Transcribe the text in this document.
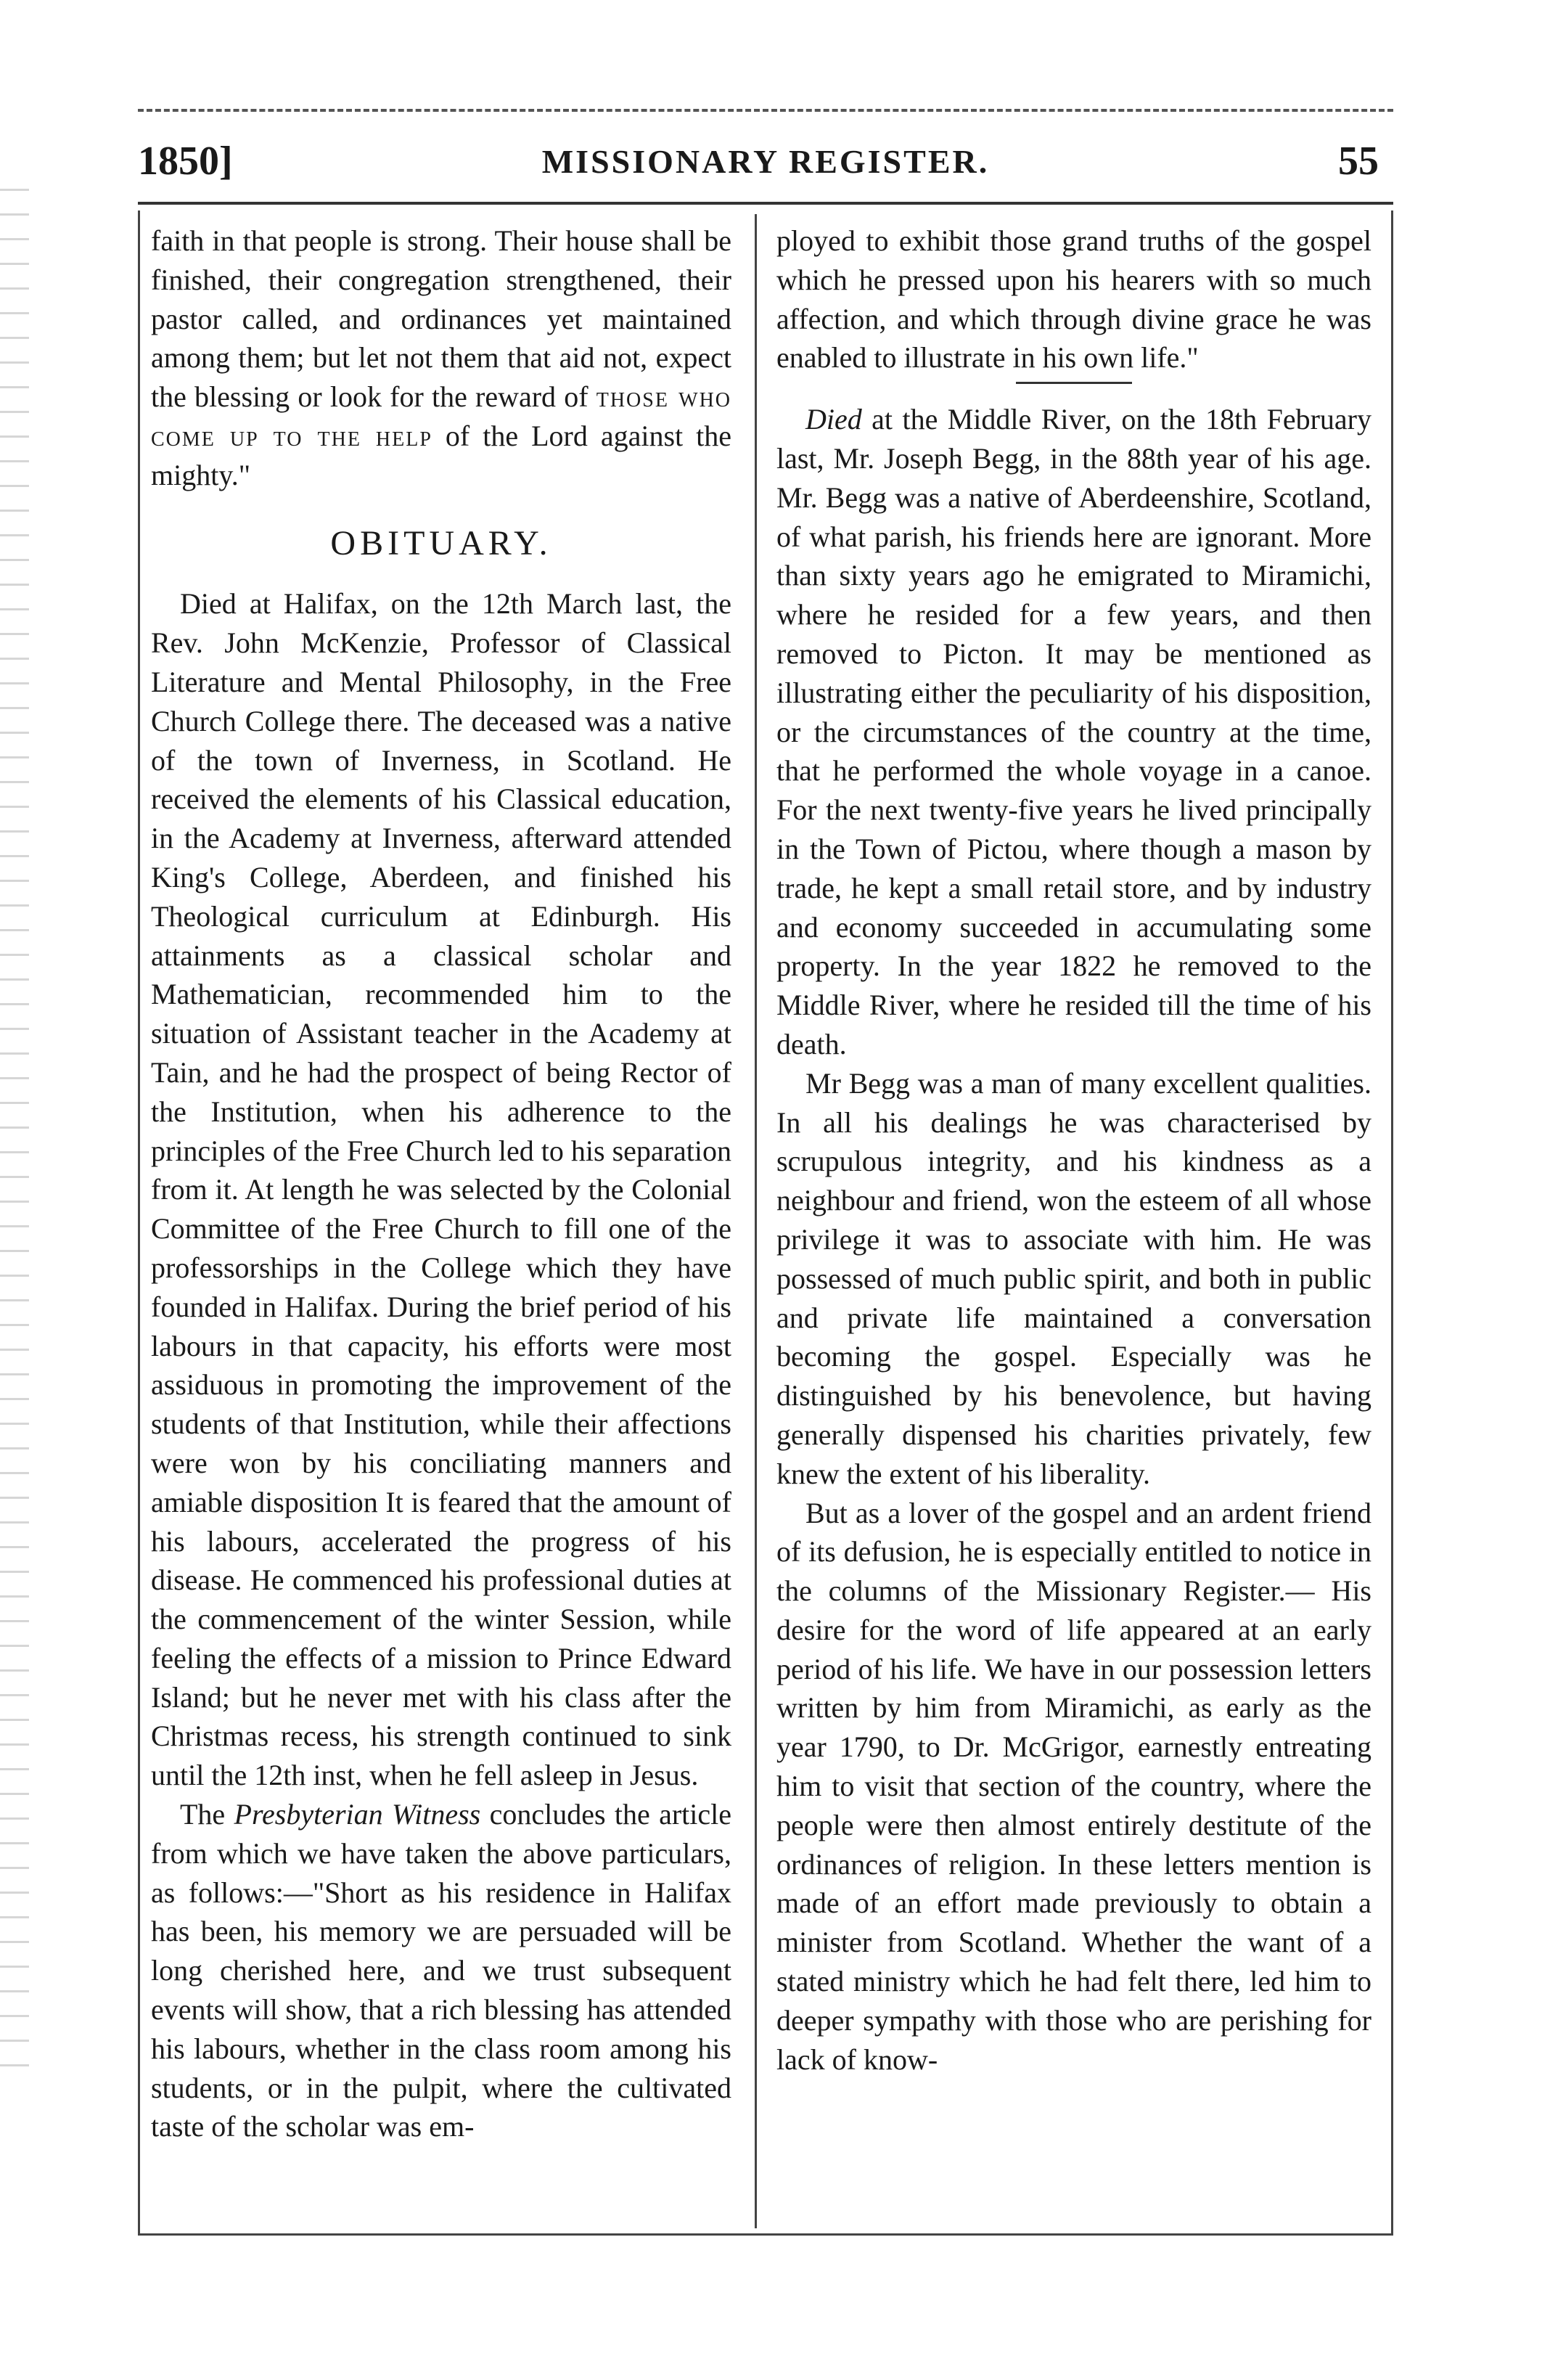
1850]	MISSIONARY REGISTER.	55

faith in that people is strong. Their house shall be finished, their congregation strengthened, their pastor called, and ordinances yet maintained among them; but let not them that aid not, expect the blessing or look for the reward of those who come up to the help of the Lord against the mighty."

OBITUARY.

Died at Halifax, on the 12th March last, the Rev. John McKenzie, Professor of Classical Literature and Mental Philosophy, in the Free Church College there. The deceased was a native of the town of Inverness, in Scotland. He received the elements of his Classical education, in the Academy at Inverness, afterward attended King's College, Aberdeen, and finished his Theological curriculum at Edinburgh. His attainments as a classical scholar and Mathematician, recommended him to the situation of Assistant teacher in the Academy at Tain, and he had the prospect of being Rector of the Institution, when his adherence to the principles of the Free Church led to his separation from it. At length he was selected by the Colonial Committee of the Free Church to fill one of the professorships in the College which they have founded in Halifax. During the brief period of his labours in that capacity, his efforts were most assiduous in promoting the improvement of the students of that Institution, while their affections were won by his conciliating manners and amiable disposition It is feared that the amount of his labours, accelerated the progress of his disease. He commenced his professional duties at the commencement of the winter Session, while feeling the effects of a mission to Prince Edward Island; but he never met with his class after the Christmas recess, his strength continued to sink until the 12th inst, when he fell asleep in Jesus.

The Presbyterian Witness concludes the article from which we have taken the above particulars, as follows:—"Short as his residence in Halifax has been, his memory we are persuaded will be long cherished here, and we trust subsequent events will show, that a rich blessing has attended his labours, whether in the class room among his students, or in the pulpit, where the cultivated taste of the scholar was em-

ployed to exhibit those grand truths of the gospel which he pressed upon his hearers with so much affection, and which through divine grace he was enabled to illustrate in his own life."

Died at the Middle River, on the 18th February last, Mr. Joseph Begg, in the 88th year of his age. Mr. Begg was a native of Aberdeenshire, Scotland, of what parish, his friends here are ignorant. More than sixty years ago he emigrated to Miramichi, where he resided for a few years, and then removed to Picton. It may be mentioned as illustrating either the peculiarity of his disposition, or the circumstances of the country at the time, that he performed the whole voyage in a canoe. For the next twenty-five years he lived principally in the Town of Pictou, where though a mason by trade, he kept a small retail store, and by industry and economy succeeded in accumulating some property. In the year 1822 he removed to the Middle River, where he resided till the time of his death.

Mr Begg was a man of many excellent qualities. In all his dealings he was characterised by scrupulous integrity, and his kindness as a neighbour and friend, won the esteem of all whose privilege it was to associate with him. He was possessed of much public spirit, and both in public and private life maintained a conversation becoming the gospel. Especially was he distinguished by his benevolence, but having generally dispensed his charities privately, few knew the extent of his liberality.

But as a lover of the gospel and an ardent friend of its defusion, he is especially entitled to notice in the columns of the Missionary Register.— His desire for the word of life appeared at an early period of his life. We have in our possession letters written by him from Miramichi, as early as the year 1790, to Dr. McGrigor, earnestly entreating him to visit that section of the country, where the people were then almost entirely destitute of the ordinances of religion. In these letters mention is made of an effort made previously to obtain a minister from Scotland. Whether the want of a stated ministry which he had felt there, led him to deeper sympathy with those who are perishing for lack of know-
